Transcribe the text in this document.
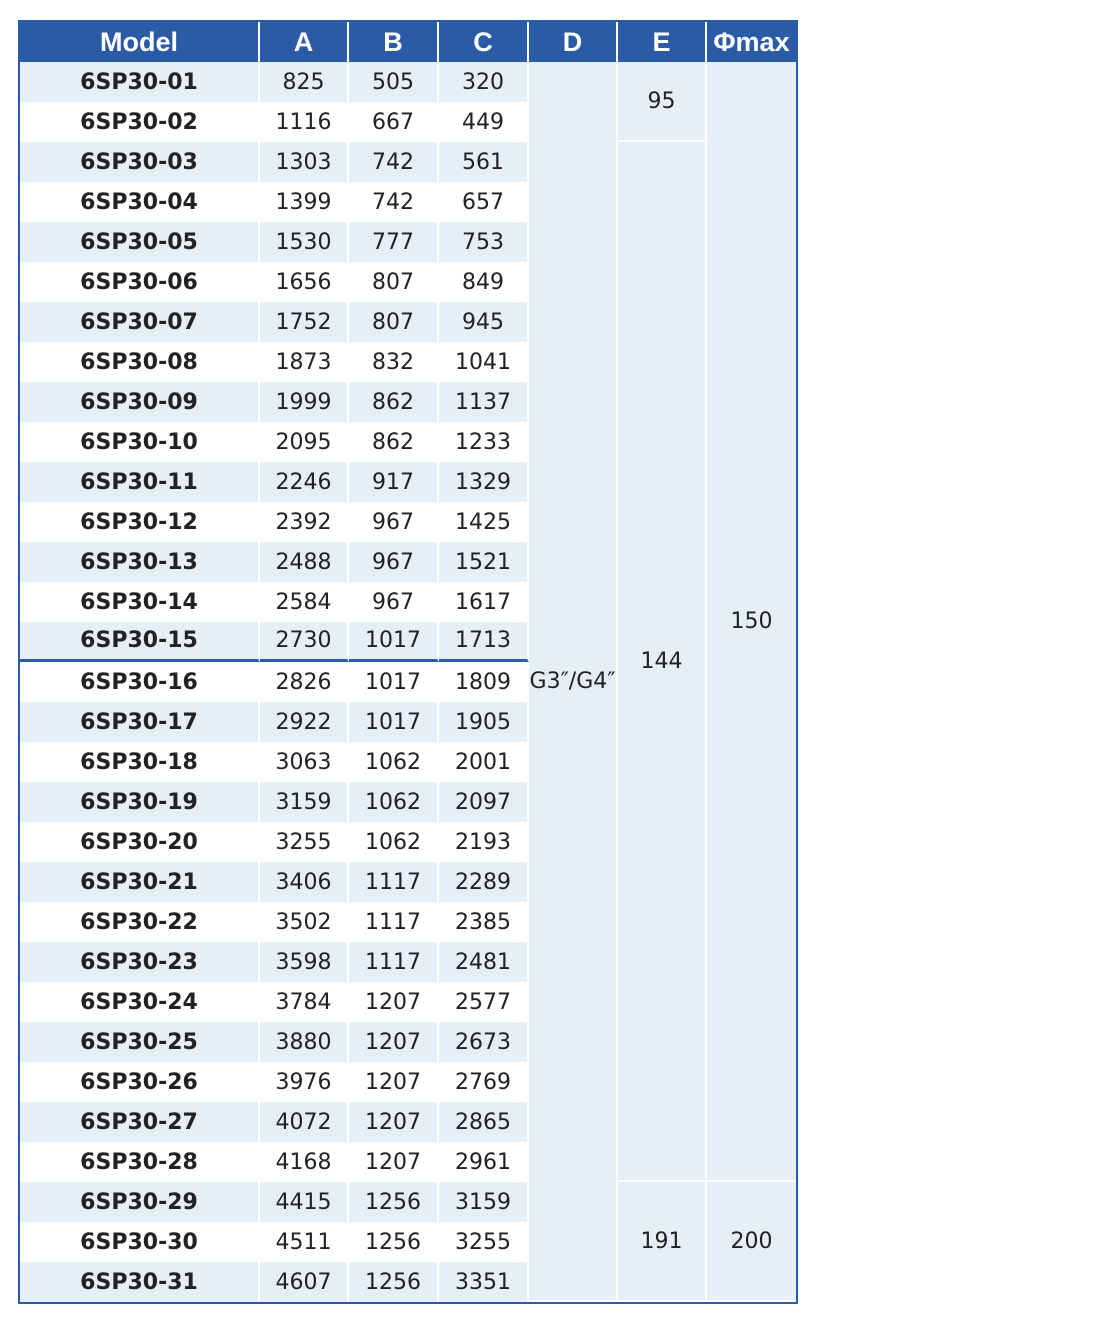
Model	A	B	C	D	E	Φmax
6SP30-01	825	505	320	G3″/G4″	95	150
6SP30-02	1116	667	449			
6SP30-03	1303	742	561		144	
6SP30-04	1399	742	657			
6SP30-05	1530	777	753			
6SP30-06	1656	807	849			
6SP30-07	1752	807	945			
6SP30-08	1873	832	1041			
6SP30-09	1999	862	1137			
6SP30-10	2095	862	1233			
6SP30-11	2246	917	1329			
6SP30-12	2392	967	1425			
6SP30-13	2488	967	1521			
6SP30-14	2584	967	1617			
6SP30-15	2730	1017	1713			
6SP30-16	2826	1017	1809			
6SP30-17	2922	1017	1905			
6SP30-18	3063	1062	2001			
6SP30-19	3159	1062	2097			
6SP30-20	3255	1062	2193			
6SP30-21	3406	1117	2289			
6SP30-22	3502	1117	2385			
6SP30-23	3598	1117	2481			
6SP30-24	3784	1207	2577			
6SP30-25	3880	1207	2673			
6SP30-26	3976	1207	2769			
6SP30-27	4072	1207	2865			
6SP30-28	4168	1207	2961			
6SP30-29	4415	1256	3159		191	200
6SP30-30	4511	1256	3255			
6SP30-31	4607	1256	3351			
